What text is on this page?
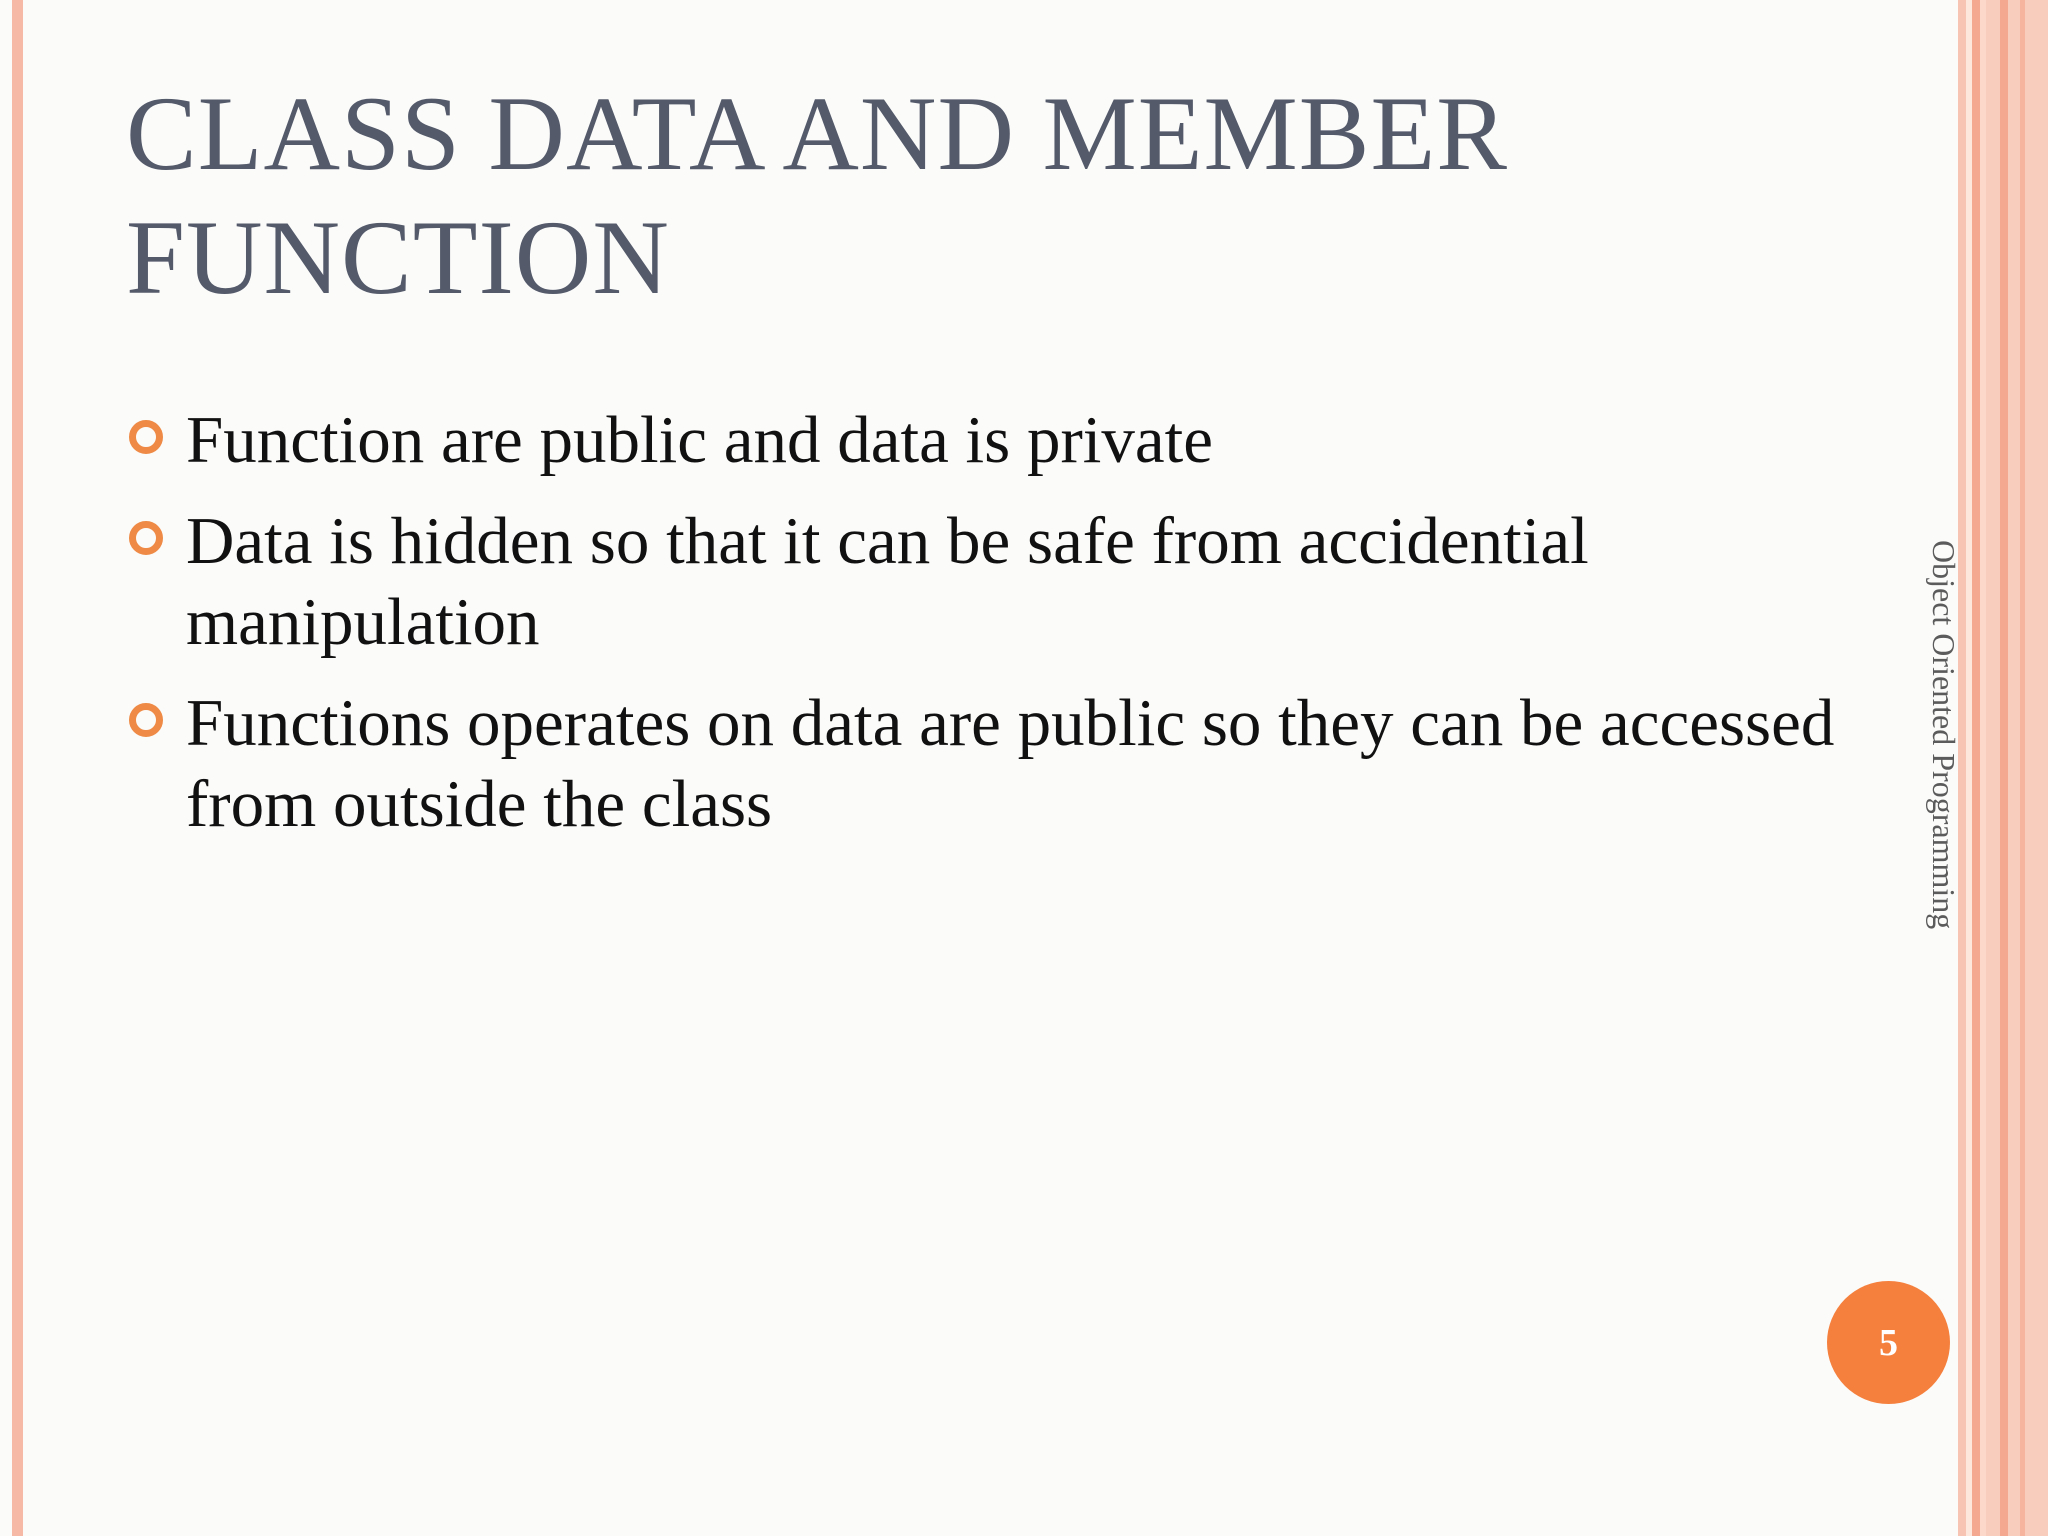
CLASS DATA AND MEMBER FUNCTION
Function are public and data is private
Data is hidden so that it can be safe from accidential manipulation
Functions operates on data are public so they can be accessed from outside the class	Object Oriented Programming
5
